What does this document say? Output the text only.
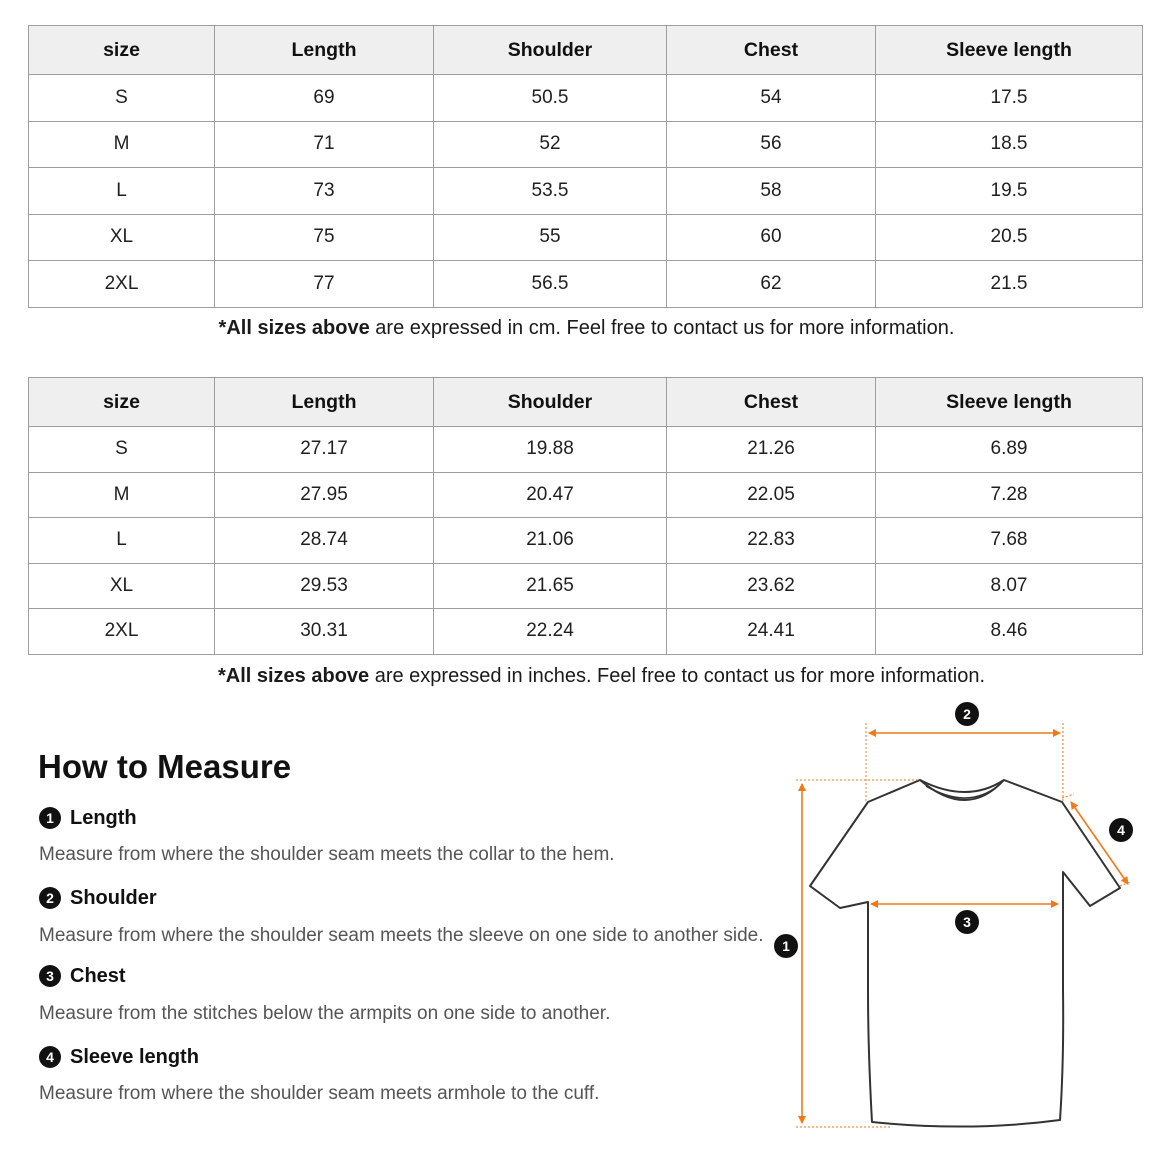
size	Length	Shoulder	Chest	Sleeve length
S	69	50.5	54	17.5
M	71	52	56	18.5
L	73	53.5	58	19.5
XL	75	55	60	20.5
2XL	77	56.5	62	21.5
*All sizes above are expressed in cm. Feel free to contact us for more information.
size	Length	Shoulder	Chest	Sleeve length
S	27.17	19.88	21.26	6.89
M	27.95	20.47	22.05	7.28
L	28.74	21.06	22.83	7.68
XL	29.53	21.65	23.62	8.07
2XL	30.31	22.24	24.41	8.46
*All sizes above are expressed in inches. Feel free to contact us for more information.
How to Measure
1 Length
Measure from where the shoulder seam meets the collar to the hem.
2 Shoulder
Measure from where the shoulder seam meets the sleeve on one side to another side.
3 Chest
Measure from the stitches below the armpits on one side to another.
4 Sleeve length
Measure from where the shoulder seam meets armhole to the cuff.
1
2
3
4
